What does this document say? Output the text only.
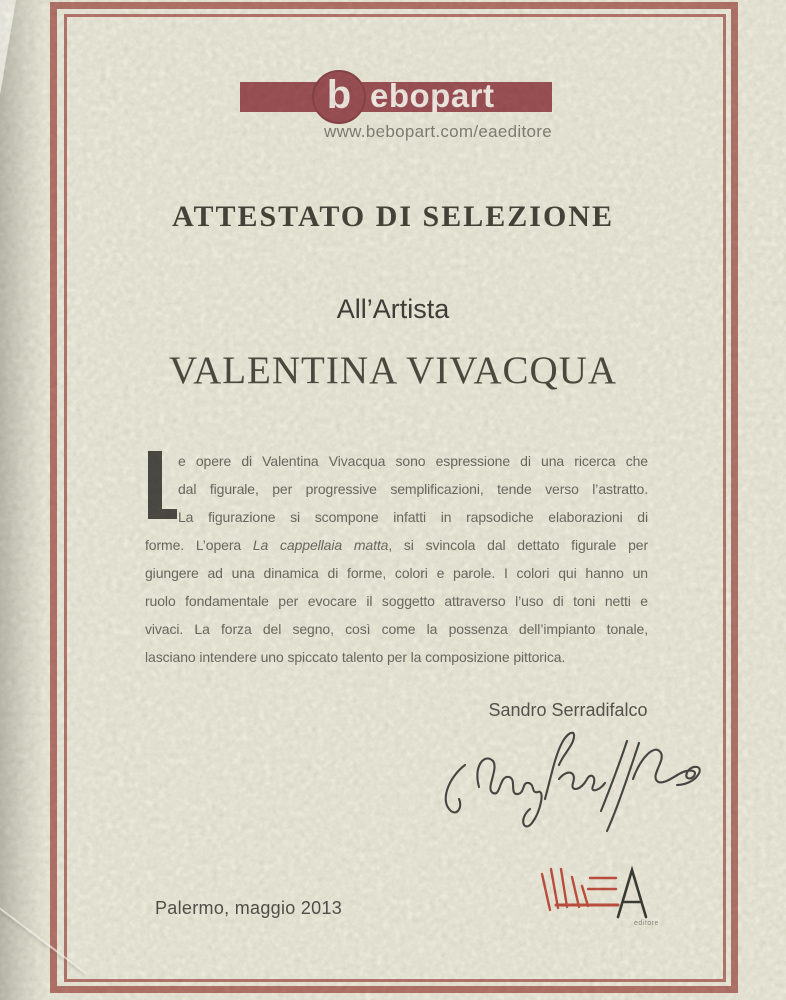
b ebopart
www.bebopart.com/eaeditore
ATTESTATO DI SELEZIONE
All’Artista
VALENTINA VIVACQUA
e opere di Valentina Vivacqua sono espressione di una ricerca che
dal figurale, per progressive semplificazioni, tende verso l’astratto.
La figurazione si scompone infatti in rapsodiche elaborazioni di
forme. L’opera La cappellaia matta, si svincola dal dettato figurale per
giungere ad una dinamica di forme, colori e parole. I colori qui hanno un
ruolo fondamentale per evocare il soggetto attraverso l’uso di toni netti e
vivaci. La forza del segno, così come la possenza dell’impianto tonale,
lasciano intendere uno spiccato talento per la composizione pittorica.
Sandro Serradifalco
Palermo, maggio 2013
editore
